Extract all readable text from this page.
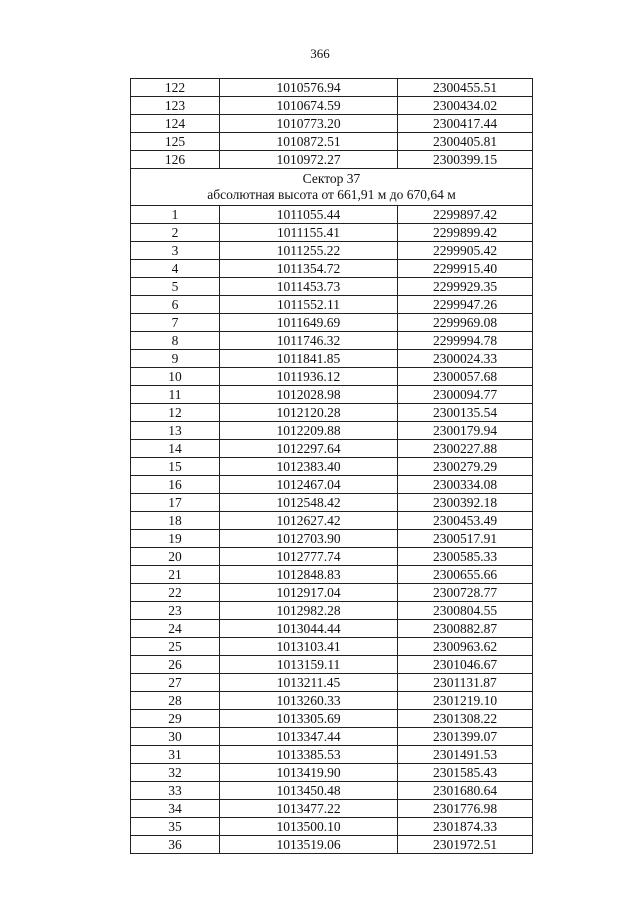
366
122	1010576.94	2300455.51
123	1010674.59	2300434.02
124	1010773.20	2300417.44
125	1010872.51	2300405.81
126	1010972.27	2300399.15

Сектор 37
абсолютная высота от 661,91 м до 670,64 м		

1	1011055.44	2299897.42
2	1011155.41	2299899.42
3	1011255.22	2299905.42
4	1011354.72	2299915.40
5	1011453.73	2299929.35
6	1011552.11	2299947.26
7	1011649.69	2299969.08
8	1011746.32	2299994.78
9	1011841.85	2300024.33
10	1011936.12	2300057.68
11	1012028.98	2300094.77
12	1012120.28	2300135.54
13	1012209.88	2300179.94
14	1012297.64	2300227.88
15	1012383.40	2300279.29
16	1012467.04	2300334.08
17	1012548.42	2300392.18
18	1012627.42	2300453.49
19	1012703.90	2300517.91
20	1012777.74	2300585.33
21	1012848.83	2300655.66
22	1012917.04	2300728.77
23	1012982.28	2300804.55
24	1013044.44	2300882.87
25	1013103.41	2300963.62
26	1013159.11	2301046.67
27	1013211.45	2301131.87
28	1013260.33	2301219.10
29	1013305.69	2301308.22
30	1013347.44	2301399.07
31	1013385.53	2301491.53
32	1013419.90	2301585.43
33	1013450.48	2301680.64
34	1013477.22	2301776.98
35	1013500.10	2301874.33
36	1013519.06	2301972.51
